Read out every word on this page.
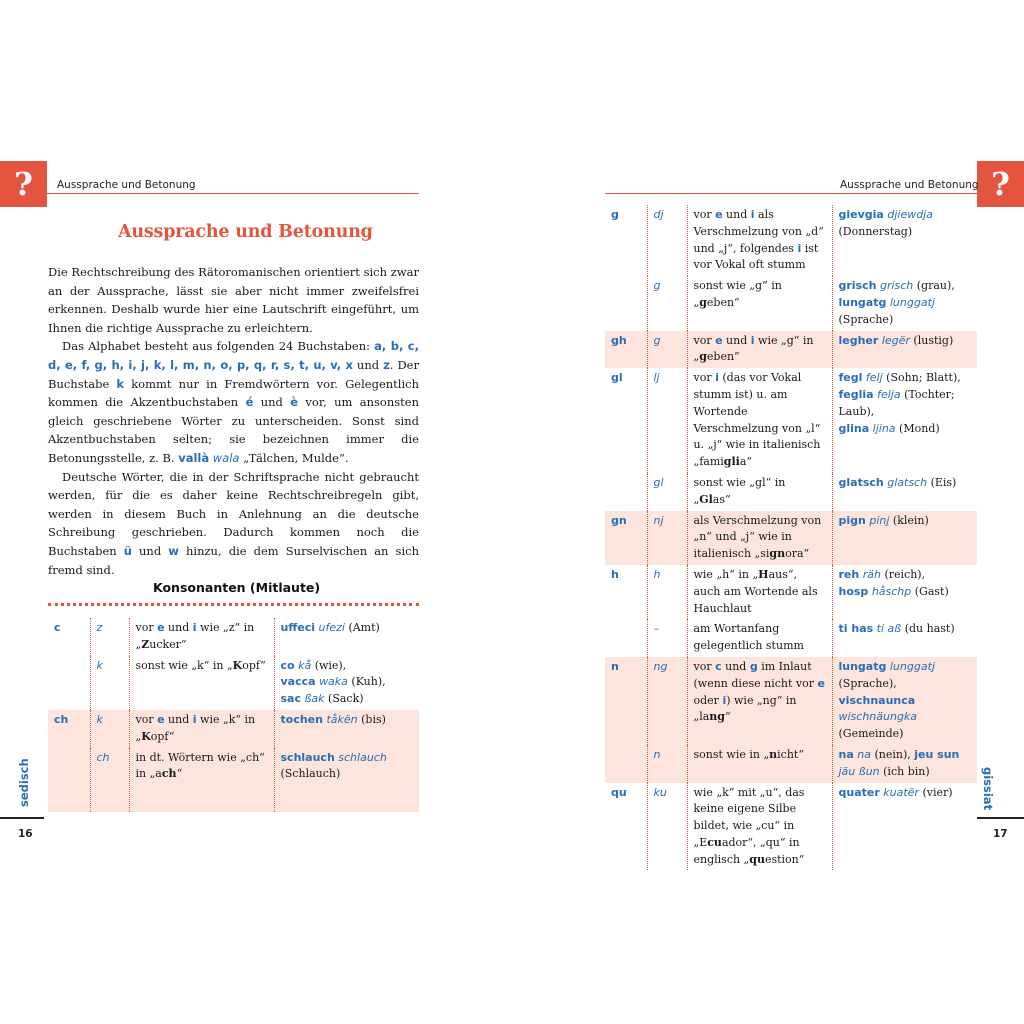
?	Aussprache und Betonung
Aussprache und Betonung

Die Rechtschreibung des Rätoromanischen orientiert sich zwar an der Aussprache, lässt sie aber nicht immer zweifelsfrei erkennen. Deshalb wurde hier eine Lautschrift eingeführt, um Ihnen die richtige Aussprache zu erleichtern.

Das Alphabet besteht aus folgenden 24 Buchstaben: a, b, c, d, e, f, g, h, i, j, k, l, m, n, o, p, q, r, s, t, u, v, x und z. Der Buchstabe k kommt nur in Fremdwörtern vor. Gelegentlich kommen die Akzentbuchstaben é und è vor, um ansonsten gleich geschriebene Wörter zu unterscheiden. Sonst sind Akzentbuchstaben selten; sie bezeichnen immer die Betonungsstelle, z. B. vallà wala „Tälchen, Mulde“.

Deutsche Wörter, die in der Schriftsprache nicht gebraucht werden, für die es daher keine Rechtschreibregeln gibt, werden in diesem Buch in Anlehnung an die deutsche Schreibung geschrieben. Dadurch kommen noch die Buchstaben ü und w hinzu, die dem Surselvischen an sich fremd sind.

Konsonanten (Mitlaute)
c	z	vor e und i wie „z“ in „Zucker“	uffeci ufezi (Amt)
	k	sonst wie „k“ in „Kopf“	co kå (wie),
vacca waka (Kuh),
sac ßak (Sack)
ch	k	vor e und i wie „k“ in „Kopf“	tochen tåkën (bis)
	ch	in dt. Wörtern wie „ch“ in „ach“	schlauch schlauch (Schlauch)
sedisch
16
?
Aussprache und Betonung
g	dj	vor e und i als Verschmelzung von „d“ und „j“, folgendes i ist vor Vokal oft stumm	gievgia djiewdja (Donnerstag)
	g	sonst wie „g“ in „geben“	grisch grisch (grau),
lungatg lunggatj (Sprache)
gh	g	vor e und i wie „g“ in „geben“	legher legër (lustig)
gl	lj	vor i (das vor Vokal stumm ist) u. am Wortende Verschmelzung von „l“ u. „j“ wie in italienisch „famiglia“	fegl felj (Sohn; Blatt), feglia felja (Tochter; Laub),
glina ljina (Mond)
	gl	sonst wie „gl“ in „Glas“	glatsch glatsch (Eis)
gn	nj	als Verschmelzung von „n“ und „j“ wie in italienisch „signora“	pign pinj (klein)
h	h	wie „h“ in „Haus“, auch am Wortende als Hauchlaut	reh räh (reich),
hosp håschp (Gast)
	–	am Wortanfang gelegentlich stumm	ti has ti aß (du hast)
n	ng	vor c und g im Inlaut (wenn diese nicht vor e oder i) wie „ng“ in „lang“	lungatg lunggatj (Sprache), vischnaunca wischnäungka (Gemeinde)
	n	sonst wie in „nicht“	na na (nein), jeu sun jäu ßun (ich bin)
qu	ku	wie „k“ mit „u“, das keine eigene Silbe bildet, wie „cu“ in „Ecuador“, „qu“ in englisch „question“	quater kuatër (vier) gissiat
17
